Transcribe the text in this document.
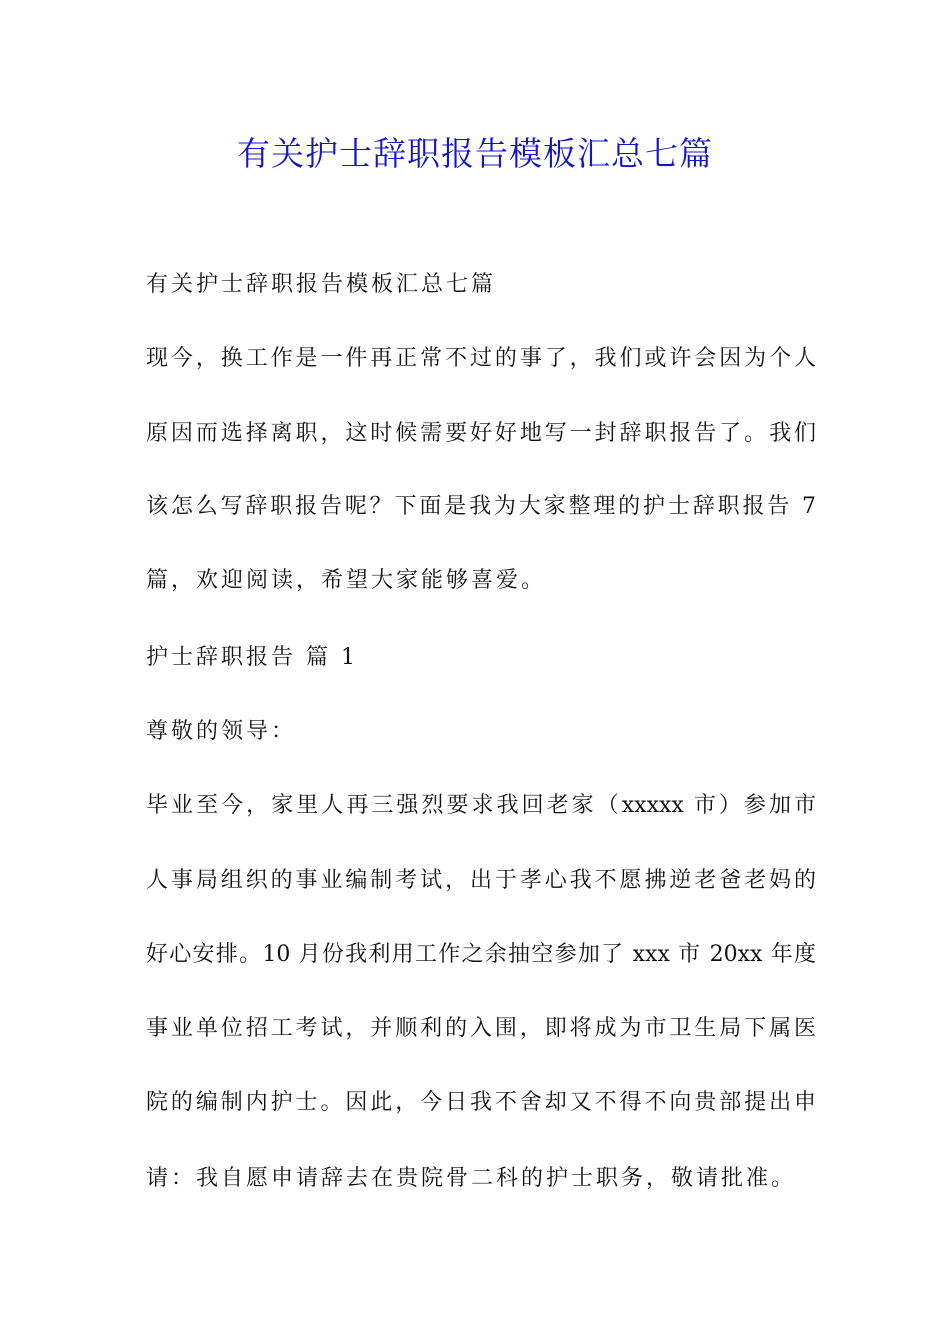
有关护士辞职报告模板汇总七篇

有关护士辞职报告模板汇总七篇

现今，换工作是一件再正常不过的事了，我们或许会因为个人

原因而选择离职，这时候需要好好地写一封辞职报告了。我们

该怎么写辞职报告呢？下面是我为大家整理的护士辞职报告 7

篇，欢迎阅读，希望大家能够喜爱。

护士辞职报告 篇 1

尊敬的领导：

毕业至今，家里人再三强烈要求我回老家（xxxxx 市）参加市

人事局组织的事业编制考试，出于孝心我不愿拂逆老爸老妈的

好心安排。10 月份我利用工作之余抽空参加了 xxx 市 20xx 年度

事业单位招工考试，并顺利的入围，即将成为市卫生局下属医

院的编制内护士。因此，今日我不舍却又不得不向贵部提出申

请：我自愿申请辞去在贵院骨二科的护士职务，敬请批准。
